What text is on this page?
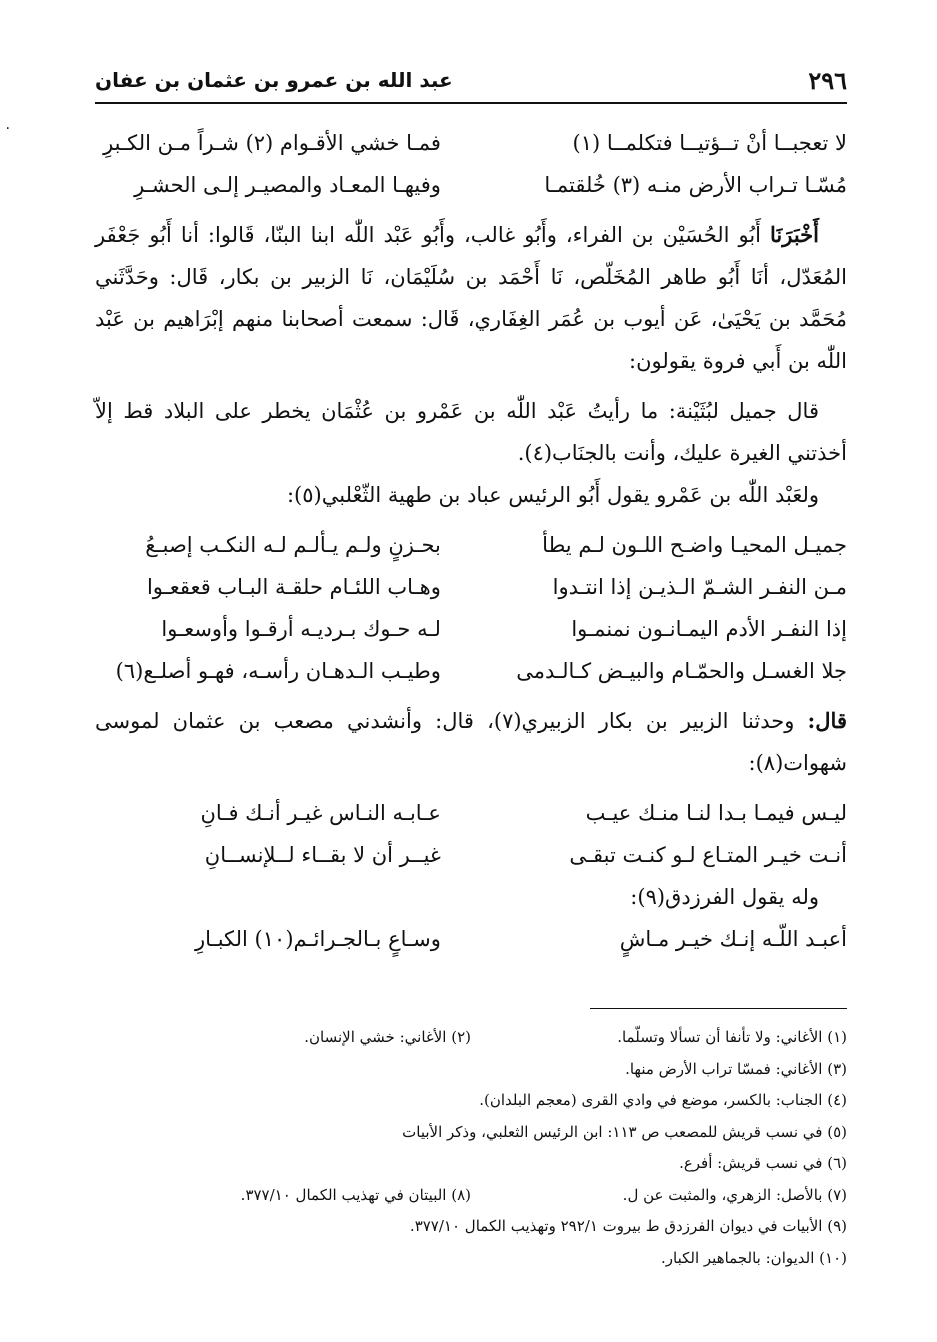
٢٩٦
عبد الله بن عمرو بن عثمان بن عفان
٠
لا تعجبــا أنْ تــؤتيــا فتكلمــا (١)
فمـا خشي الأقـوام (٢) شـراً مـن الكـبرِ
مُسّـا تـراب الأرض منـه (٣) خُلقتمـا
وفيهـا المعـاد والمصيـر إلـى الحشـرِ

أَخْبَرَنَا أَبُو الحُسَيْن بن الفراء، وأَبُو غالب، وأَبُو عَبْد اللّٰه ابنا البنّا، قَالوا: أنا أَبُو جَعْفَر المُعَدّل، أنَا أَبُو طاهر المُخَلّص، نَا أَحْمَد بن سُلَيْمَان، نَا الزبير بن بكار، قَال: وحَدَّثَني مُحَمَّد بن يَحْيَىٰ، عَن أيوب بن عُمَر الغِفَاري، قَال: سمعت أصحابنا منهم إبْرَاهيم بن عَبْد اللّٰه بن أَبي فروة يقولون:

قال جميل لبُثَيْنة: ما رأيتُ عَبْد اللّٰه بن عَمْرو بن عُثْمَان يخطر على البلاد قط إلاّ أخذتني الغيرة عليك، وأنت بالجنَاب(٤).

ولعَبْد اللّٰه بن عَمْرو يقول أَبُو الرئيس عباد بن طهية الثّعْلبي(٥):

جميـل المحيـا واضـح اللـون لـم يطأ
بحـزنٍ ولـم يـألـم لـه النكـب إصبـعُ
مـن النفـر الشـمّ الـذيـن إذا انتـدوا
وهـاب اللئـام حلقـة البـاب قعقعـوا
إذا النفـر الأدم اليمـانـون نمنمـوا
لـه حـوك بـرديـه أرقـوا وأوسعـوا
جلا الغسـل والحمّـام والبيـض كـالـدمى
وطيـب الـدهـان رأسـه، فهـو أصلـع(٦)

قال: وحدثنا الزبير بن بكار الزبيري(٧)، قال: وأنشدني مصعب بن عثمان لموسى شهوات(٨):

ليـس فيمـا بـدا لنـا منـك عيـب
عـابـه النـاس غيـر أنـك فـانِ
أنـت خيـر المتـاع لـو كنـت تبقـى
غيــر أن لا بقــاء لــلإنســانِ

وله يقول الفرزدق(٩):

أعبـد اللّـه إنـك خيـر مـاشٍ
وسـاعٍ بـالجـرائـم(١٠) الكبـارِ
(١) الأغاني: ولا تأنفا أن تسألا وتسلّما.
(٢) الأغاني: خشي الإنسان.
(٣) الأغاني: فمسّا تراب الأرض منها.
(٤) الجناب: بالكسر، موضع في وادي القرى (معجم البلدان).
(٥) في نسب قريش للمصعب ص ١١٣: ابن الرئيس الثعلبي، وذكر الأبيات
(٦) في نسب قريش: أفرع.
(٧) بالأصل: الزهري، والمثبت عن ل.
(٨) البيتان في تهذيب الكمال ٣٧٧/١٠.
(٩) الأبيات في ديوان الفرزدق ط بيروت ٢٩٢/١ وتهذيب الكمال ٣٧٧/١٠.
(١٠) الديوان: بالجماهير الكبار.
